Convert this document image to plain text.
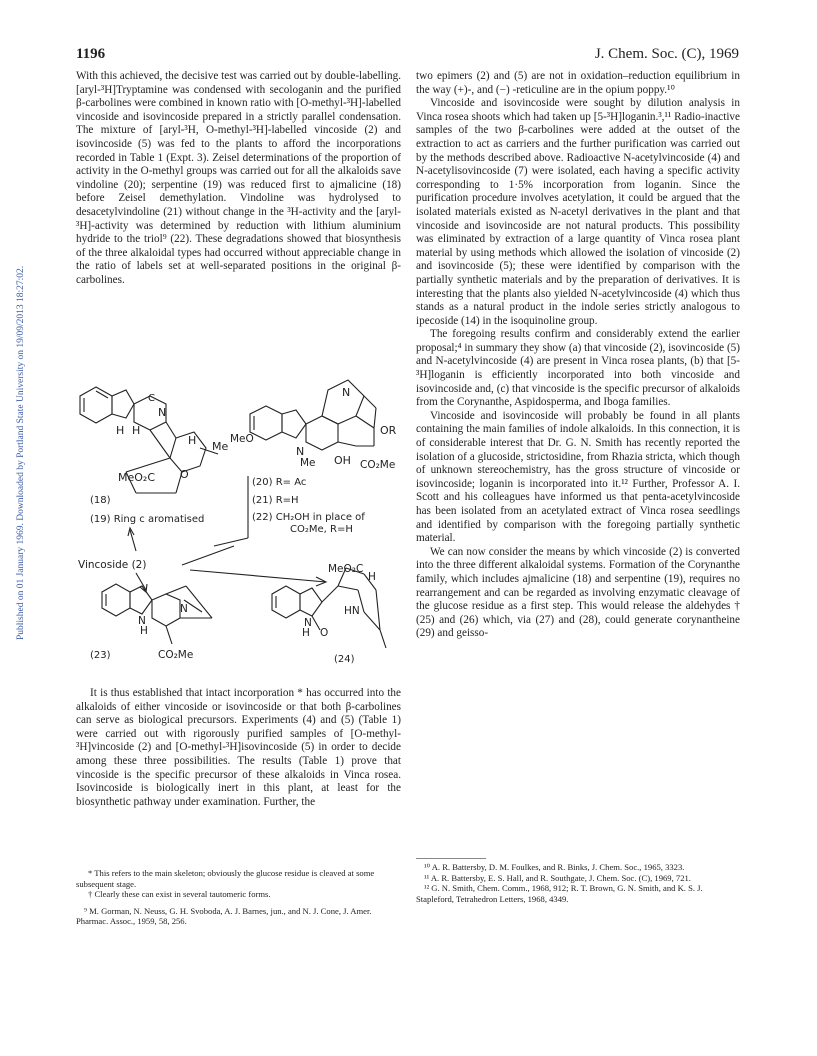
1196	J. Chem. Soc. (C), 1969
Published on 01 January 1969. Downloaded by Portland State University on 19/09/2013 18:27:02.

With this achieved, the decisive test was carried out by double-labelling. [aryl-³H]Tryptamine was condensed with secologanin and the purified β-carbolines were combined in known ratio with [O-methyl-³H]-labelled vincoside and isovincoside prepared in a strictly parallel condensation. The mixture of [aryl-³H, O-methyl-³H]-labelled vincoside (2) and isovincoside (5) was fed to the plants to afford the incorporations recorded in Table 1 (Expt. 3). Zeisel determinations of the proportion of activity in the O-methyl groups was carried out for all the alkaloids save vindoline (20); serpentine (19) was reduced first to ajmalicine (18) before Zeisel demethylation. Vindoline was hydrolysed to desacetylvindoline (21) without change in the ³H-activity and the [aryl-³H]-activity was determined by reduction with lithium aluminium hydride to the triol⁹ (22). These degradations showed that biosynthesis of the three alkaloidal types had occurred without appreciable change in the ratio of labels set at well-separated positions in the original β-carbolines.

C
N
H H
H Me
O
MeO₂C
(18)
(19) Ring c aromatised
MeO
N
OR
N
Me OH CO₂Me
(20) R= Ac
(21) R=H
(22) CH₂OH in place of
CO₂Me, R=H
Vincoside (2)
H
N
N
(23)	CO₂Me
MeO₂C
H
HN
N
H O
(24)

It is thus established that intact incorporation * has occurred into the alkaloids of either vincoside or isovincoside or that both β-carbolines can serve as biological precursors. Experiments (4) and (5) (Table 1) were carried out with rigorously purified samples of [O-methyl-³H]vincoside (2) and [O-methyl-³H]isovincoside (5) in order to decide among these three possibilities. The results (Table 1) prove that vincoside is the specific precursor of these alkaloids in Vinca rosea. Isovincoside is biologically inert in this plant, at least for the biosynthetic pathway under examination. Further, the

two epimers (2) and (5) are not in oxidation–reduction equilibrium in the way (+)-, and (−) -reticuline are in the opium poppy.¹⁰

Vincoside and isovincoside were sought by dilution analysis in Vinca rosea shoots which had taken up [5-³H]loganin.³,¹¹ Radio-inactive samples of the two β-carbolines were added at the outset of the extraction to act as carriers and the further purification was carried out by the methods described above. Radioactive N-acetylvincoside (4) and N-acetylisovincoside (7) were isolated, each having a specific activity corresponding to 1·5% incorporation from loganin. Since the purification procedure involves acetylation, it could be argued that the isolated materials existed as N-acetyl derivatives in the plant and that vincoside and isovincoside are not natural products. This possibility was eliminated by extraction of a large quantity of Vinca rosea plant material by using methods which allowed the isolation of vincoside (2) and isovincoside (5); these were identified by comparison with the partially synthetic materials and by the preparation of derivatives. It is interesting that the plants also yielded N-acetylvincoside (4) which thus stands as a natural product in the indole series strictly analogous to ipecoside (14) in the isoquinoline group.

The foregoing results confirm and considerably extend the earlier proposal;⁴ in summary they show (a) that vincoside (2), isovincoside (5) and N-acetylvincoside (4) are present in Vinca rosea plants, (b) that [5-³H]loganin is efficiently incorporated into both vincoside and isovincoside and, (c) that vincoside is the specific precursor of alkaloids from the Corynanthe, Aspidosperma, and Iboga families.

Vincoside and isovincoside will probably be found in all plants containing the main families of indole alkaloids. In this connection, it is of considerable interest that Dr. G. N. Smith has recently reported the isolation of a glucoside, strictosidine, from Rhazia stricta, which though of unknown stereochemistry, has the gross structure of vincoside or isovincoside; loganin is incorporated into it.¹² Further, Professor A. I. Scott and his colleagues have informed us that penta-acetylvincoside has been isolated from an acetylated extract of Vinca rosea seedlings and identified by comparison with the foregoing partially synthetic material.

We can now consider the means by which vincoside (2) is converted into the three different alkaloidal systems. Formation of the Corynanthe family, which includes ajmalicine (18) and serpentine (19), requires no rearrangement and can be regarded as involving enzymatic cleavage of the glucose residue as a first step. This would release the aldehydes † (25) and (26) which, via (27) and (28), could generate corynantheine (29) and geisso-

* This refers to the main skeleton; obviously the glucose residue is cleaved at some subsequent stage.

† Clearly these can exist in several tautomeric forms.

⁹ M. Gorman, N. Neuss, G. H. Svoboda, A. J. Barnes, jun., and N. J. Cone, J. Amer. Pharmac. Assoc., 1959, 58, 256.

¹⁰ A. R. Battersby, D. M. Foulkes, and R. Binks, J. Chem. Soc., 1965, 3323.

¹¹ A. R. Battersby, E. S. Hall, and R. Southgate, J. Chem. Soc. (C), 1969, 721.

¹² G. N. Smith, Chem. Comm., 1968, 912; R. T. Brown, G. N. Smith, and K. S. J. Stapleford, Tetrahedron Letters, 1968, 4349.
